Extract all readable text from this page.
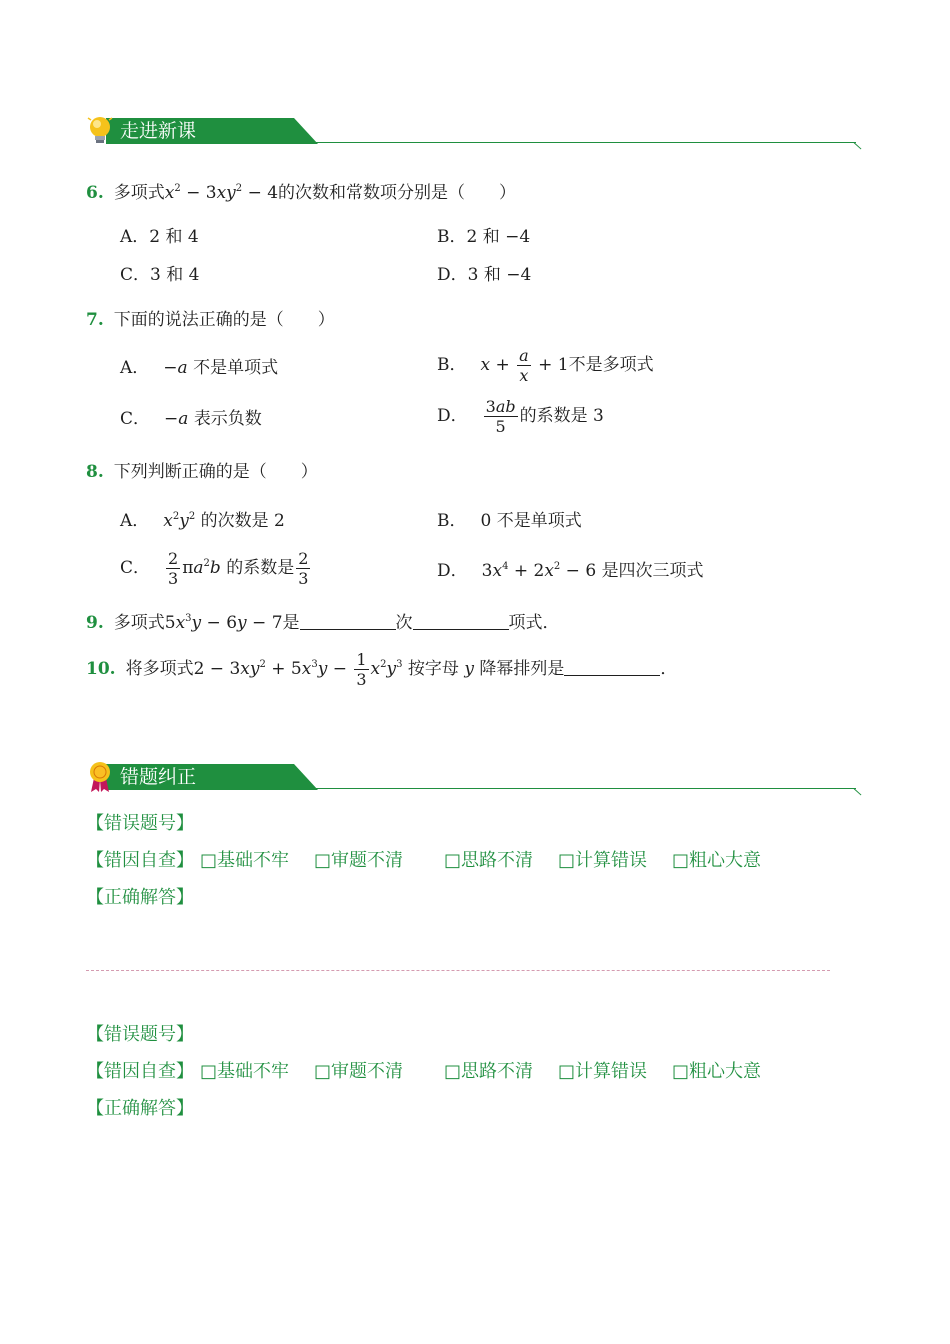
走进新课
6. 多项式$x^2 - 3xy^2 - 4$的次数和常数项分别是（　　）
A．2 和 4	B．2 和 −4
C．3 和 4	D．3 和 −4
7. 下面的说法正确的是（　　）
A． −a 不是单项式	B． $x + \frac{a}{x} + 1$不是多项式
C． −a 表示负数	D． $\frac{3ab}{5}$ 的系数是 3
8. 下列判断正确的是（　　）
A． $x^2y^2$ 的次数是 2	B． 0 不是单项式
C． $\frac{2}{3} \pi a^2b$ 的系数是 $\frac{2}{3}$	D． $3x^4 + 2x^2 - 6$ 是四次三项式
9. 多项式$5x^3y - 6y - 7$是	次	项式．
10. 将多项式$2 - 3xy^2 + 5x^3y - \frac{1}{3} x^2y^3$ 按字母 y 降幂排列是	．
错题纠正
【错误题号】
【错因自查】 □基础不牢 □审题不清 □思路不清 □计算错误 □粗心大意
【正确解答】
【错误题号】
【错因自查】 □基础不牢 □审题不清 □思路不清 □计算错误 □粗心大意
【正确解答】
